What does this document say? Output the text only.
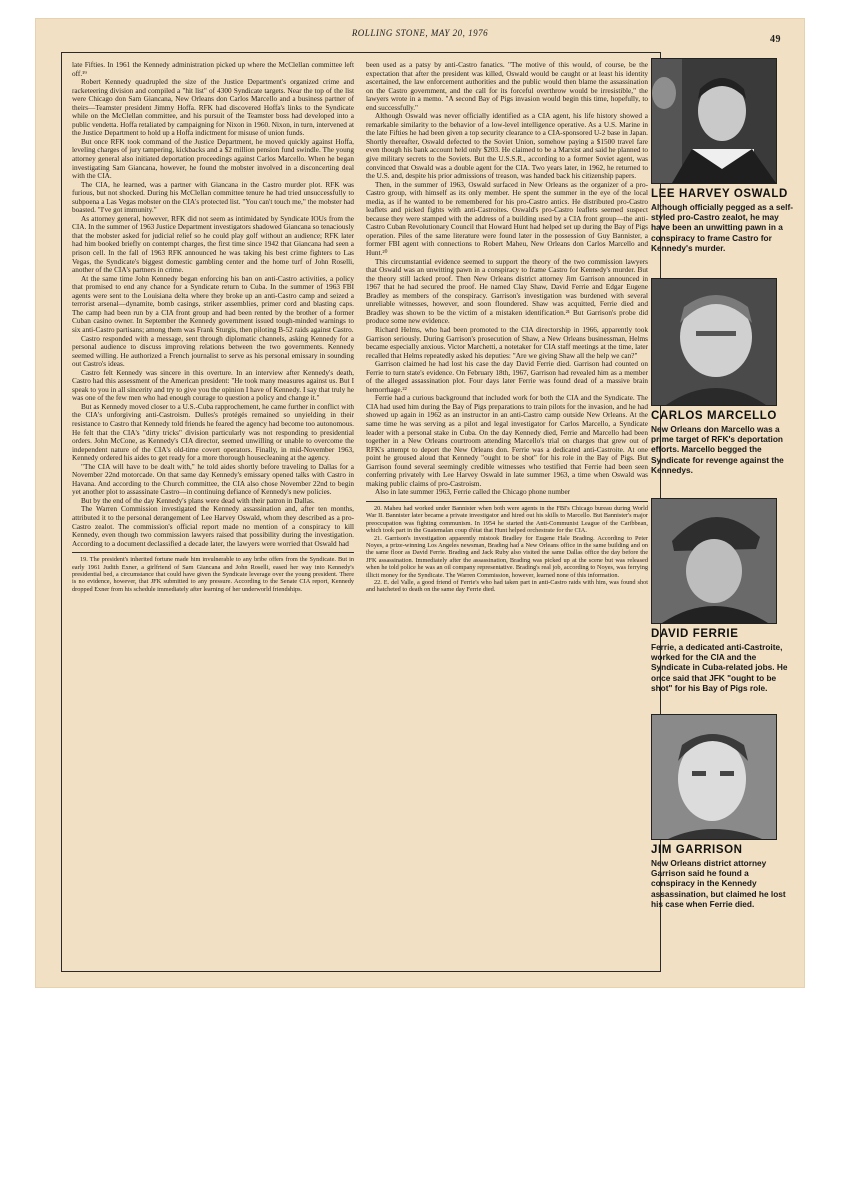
ROLLING STONE, MAY 20, 1976
49

late Fifties. In 1961 the Kennedy administration picked up where the McClellan committee left off.¹⁹

Robert Kennedy quadrupled the size of the Justice Department's organized crime and racketeering division and compiled a "hit list" of 4300 Syndicate targets. Near the top of the list were Chicago don Sam Giancana, New Orleans don Carlos Marcello and a business partner of theirs—Teamster president Jimmy Hoffa. RFK had discovered Hoffa's links to the Syndicate while on the McClellan committee, and his pursuit of the Teamster boss had developed into a public vendetta. Hoffa retaliated by campaigning for Nixon in 1960. Nixon, in turn, intervened at the Justice Department to hold up a Hoffa indictment for misuse of union funds.

But once RFK took command of the Justice Department, he moved quickly against Hoffa, leveling charges of jury tampering, kickbacks and a $2 million pension fund swindle. The young attorney general also initiated deportation proceedings against Carlos Marcello. When he began investigating Sam Giancana, however, he found the mobster involved in a disconcerting deal with the CIA.

The CIA, he learned, was a partner with Giancana in the Castro murder plot. RFK was furious, but not shocked. During his McClellan committee tenure he had tried unsuccessfully to subpoena a Las Vegas mobster on the CIA's protected list. "You can't touch me," the mobster had boasted. "I've got immunity."

As attorney general, however, RFK did not seem as intimidated by Syndicate IOUs from the CIA. In the summer of 1963 Justice Department investigators shadowed Giancana so tenaciously that the mobster asked for judicial relief so he could play golf without an audience; RFK later had him booked briefly on contempt charges, the first time since 1942 that Giancana had seen a prison cell. In the fall of 1963 RFK announced he was taking his best crime fighters to Las Vegas, the Syndicate's biggest domestic gambling center and the home turf of John Roselli, another of the CIA's partners in crime.

At the same time John Kennedy began enforcing his ban on anti-Castro activities, a policy that promised to end any chance for a Syndicate return to Cuba. In the summer of 1963 FBI agents were sent to the Louisiana delta where they broke up an anti-Castro camp and seized a terrorist arsenal—dynamite, bomb casings, striker assemblies, primer cord and blasting caps. The camp had been run by a CIA front group and had been rented by the brother of a former Cuban casino owner. In September the Kennedy government issued tough-minded warnings to six anti-Castro partisans; among them was Frank Sturgis, then piloting B-52 raids against Castro.

Castro responded with a message, sent through diplomatic channels, asking Kennedy for a personal audience to discuss improving relations between the two governments. Kennedy seemed willing. He authorized a French journalist to serve as his personal emissary in sounding out Castro's ideas.

Castro felt Kennedy was sincere in this overture. In an interview after Kennedy's death, Castro had this assessment of the American president: "He took many measures against us. But I speak to you in all sincerity and try to give you the opinion I have of Kennedy. I say that truly he was one of the few men who had enough courage to question a policy and change it."

But as Kennedy moved closer to a U.S.-Cuba rapprochement, he came further in conflict with the CIA's unforgiving anti-Castroism. Dulles's protégés remained so unyielding in their resistance to Castro that Kennedy told friends he feared the agency had become too autonomous. He felt that the CIA's "dirty tricks" division particularly was not responding to presidential orders. John McCone, as Kennedy's CIA director, seemed unwilling or unable to overcome the independent nature of the CIA's old-time covert operators. Finally, in mid-November 1963, Kennedy ordered his aides to get ready for a more thorough housecleaning at the agency.

"The CIA will have to be dealt with," he told aides shortly before traveling to Dallas for a November 22nd motorcade. On that same day Kennedy's emissary opened talks with Castro in Havana. And according to the Church committee, the CIA also chose November 22nd to begin yet another plot to assassinate Castro—in continuing defiance of Kennedy's new policies.

But by the end of the day Kennedy's plans were dead with their patron in Dallas.

The Warren Commission investigated the Kennedy assassination and, after ten months, attributed it to the personal derangement of Lee Harvey Oswald, whom they described as a pro-Castro zealot. The commission's official report made no mention of a conspiracy to kill Kennedy, even though two commission lawyers raised that possibility during the investigation. According to a document declassified a decade later, the lawyers were worried that Oswald had

19. The president's inherited fortune made him invulnerable to any bribe offers from the Syndicate. But in early 1961 Judith Exner, a girlfriend of Sam Giancana and John Roselli, eased her way into Kennedy's presidential bed, a circumstance that could have given the Syndicate leverage over the young president. There is no evidence, however, that JFK submitted to any pressure. According to the Senate CIA report, Kennedy dropped Exner from his schedule immediately after learning of her underworld friendships.

been used as a patsy by anti-Castro fanatics. "The motive of this would, of course, be the expectation that after the president was killed, Oswald would be caught or at least his identity ascertained, the law enforcement authorities and the public would then blame the assassination on the Castro government, and the call for its forceful overthrow would be irresistible," the lawyers wrote in a memo. "A second Bay of Pigs invasion would begin this time, hopefully, to end successfully."

Although Oswald was never officially identified as a CIA agent, his life history showed a remarkable similarity to the behavior of a low-level intelligence operative. As a U.S. Marine in the late Fifties he had been given a top security clearance to a CIA-sponsored U-2 base in Japan. Shortly thereafter, Oswald defected to the Soviet Union, somehow paying a $1500 travel fare even though his bank account held only $203. He claimed to be a Marxist and said he planned to give military secrets to the Soviets. But the U.S.S.R., according to a former Soviet agent, was convinced that Oswald was a double agent for the CIA. Two years later, in 1962, he returned to the U.S. and, despite his prior admissions of treason, was handed back his citizenship papers.

Then, in the summer of 1963, Oswald surfaced in New Orleans as the organizer of a pro-Castro group, with himself as its only member. He spent the summer in the eye of the local media, as if he wanted to be remembered for his pro-Castro antics. He distributed pro-Castro leaflets and picked fights with anti-Castroites. Oswald's pro-Castro leaflets seemed suspect because they were stamped with the address of a building used by a CIA front group—the anti-Castro Cuban Revolutionary Council that Howard Hunt had helped set up during the Bay of Pigs operation. Piles of the same literature were found later in the possession of Guy Bannister, a former FBI agent with connections to Robert Maheu, New Orleans don Carlos Marcello and Hunt.²⁰

This circumstantial evidence seemed to support the theory of the two commission lawyers that Oswald was an unwitting pawn in a conspiracy to frame Castro for Kennedy's murder. But the theory still lacked proof. Then New Orleans district attorney Jim Garrison announced in 1967 that he had secured the proof. He named Clay Shaw, David Ferrie and Edgar Eugene Bradley as members of the conspiracy. Garrison's investigation was burdened with several unreliable witnesses, however, and soon floundered. Shaw was acquitted, Ferrie died and Bradley was shown to be the victim of a mistaken identification.²¹ But Garrison's probe did produce some new evidence.

Richard Helms, who had been promoted to the CIA directorship in 1966, apparently took Garrison seriously. During Garrison's prosecution of Shaw, a New Orleans businessman, Helms became especially anxious. Victor Marchetti, a notetaker for CIA staff meetings at the time, later recalled that Helms repeatedly asked his deputies: "Are we giving Shaw all the help we can?"

Garrison claimed he had lost his case the day David Ferrie died. Garrison had counted on Ferrie to turn state's evidence. On February 18th, 1967, Garrison had revealed him as a member of the alleged assassination plot. Four days later Ferrie was found dead of a massive brain hemorrhage.²²

Ferrie had a curious background that included work for both the CIA and the Syndicate. The CIA had used him during the Bay of Pigs preparations to train pilots for the invasion, and he had showed up again in 1962 as an instructor in an anti-Castro camp outside New Orleans. At the same time he was serving as a pilot and legal investigator for Carlos Marcello, a Syndicate leader with a personal stake in Cuba. On the day Kennedy died, Ferrie and Marcello had been together in a New Orleans courtroom attending Marcello's trial on charges that grew out of RFK's attempt to deport the New Orleans don. Ferrie was a dedicated anti-Castroite. At one point he groused aloud that Kennedy "ought to be shot" for his role in the Bay of Pigs. But Garrison found several seemingly credible witnesses who testified that Ferrie had been seen conferring privately with Lee Harvey Oswald in late summer 1963, a time when Oswald was making public claims of pro-Castroism.

Also in late summer 1963, Ferrie called the Chicago phone number

20. Maheu had worked under Bannister when both were agents in the FBI's Chicago bureau during World War II. Bannister later became a private investigator and hired out his skills to Marcello. But Bannister's major preoccupation was fighting communism. In 1954 he started the Anti-Communist League of the Caribbean, which took part in the Guatemalan coup d'état that Hunt helped orchestrate for the CIA.

21. Garrison's investigation apparently mistook Bradley for Eugene Hale Brading. According to Peter Noyes, a prize-winning Los Angeles newsman, Brading had a New Orleans office in the same building and on the same floor as David Ferrie. Brading and Jack Ruby also visited the same Dallas office the day before the JFK assassination. Immediately after the assassination, Brading was picked up at the scene but was released when he told police he was an oil company representative. Brading's real job, according to Noyes, was ferrying illicit money for the Syndicate. The Warren Commission, however, learned none of this information.

22. E. del Valle, a good friend of Ferrie's who had taken part in anti-Castro raids with him, was found shot and hatcheted to death on the same day Ferrie died.

LEE HARVEY OSWALD
Although officially pegged as a self-styled pro-Castro zealot, he may have been an unwitting pawn in a conspiracy to frame Castro for Kennedy's murder.
CARLOS MARCELLO
New Orleans don Marcello was a prime target of RFK's deportation efforts. Marcello begged the Syndicate for revenge against the Kennedys.
DAVID FERRIE
Ferrie, a dedicated anti-Castroite, worked for the CIA and the Syndicate in Cuba-related jobs. He once said that JFK "ought to be shot" for his Bay of Pigs role.
JIM GARRISON
New Orleans district attorney Garrison said he found a conspiracy in the Kennedy assassination, but claimed he lost his case when Ferrie died.
